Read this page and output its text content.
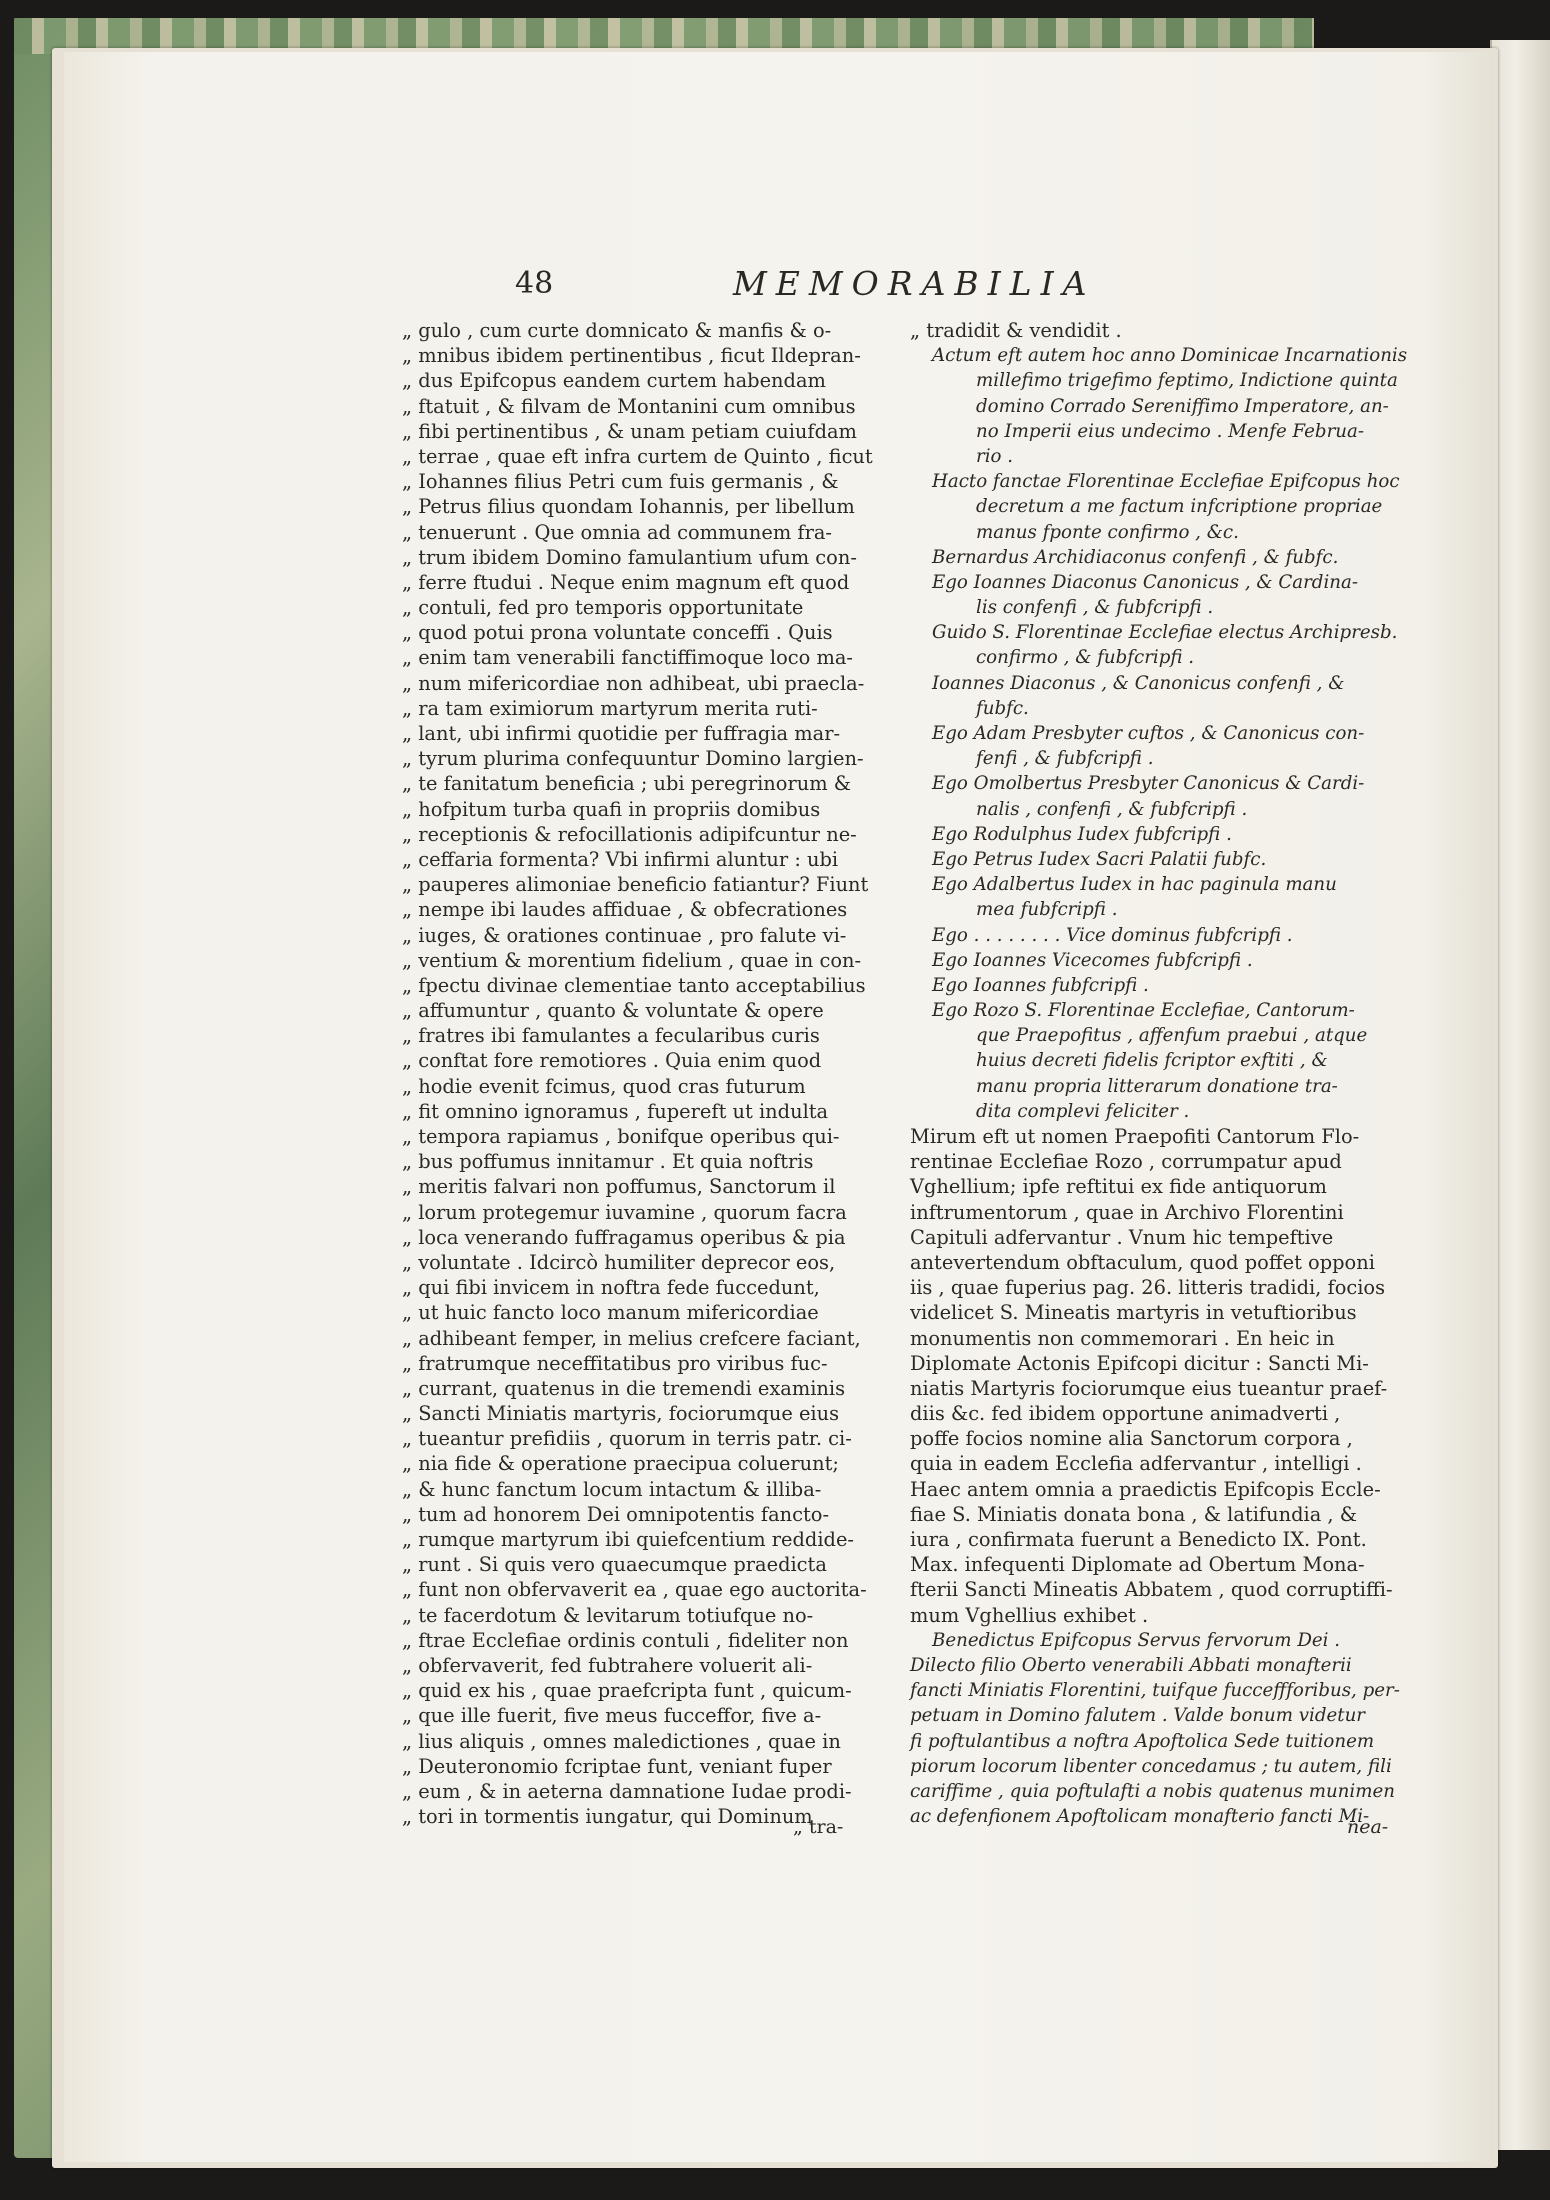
48	MEMORABILIA
„ gulo , cum curte domnicato & manfis & o-
„ mnibus ibidem pertinentibus , ficut Ildepran-
„ dus Epifcopus eandem curtem habendam
„ ftatuit , & filvam de Montanini cum omnibus
„ fibi pertinentibus , & unam petiam cuiufdam
„ terrae , quae eft infra curtem de Quinto , ficut
„ Iohannes filius Petri cum fuis germanis , &
„ Petrus filius quondam Iohannis, per libellum
„ tenuerunt . Que omnia ad communem fra-
„ trum ibidem Domino famulantium ufum con-
„ ferre ftudui . Neque enim magnum eft quod
„ contuli, fed pro temporis opportunitate
„ quod potui prona voluntate conceffi . Quis
„ enim tam venerabili fanctiffimoque loco ma-
„ num mifericordiae non adhibeat, ubi praecla-
„ ra tam eximiorum martyrum merita ruti-
„ lant, ubi infirmi quotidie per fuffragia mar-
„ tyrum plurima confequuntur Domino largien-
„ te fanitatum beneficia ; ubi peregrinorum &
„ hofpitum turba quafi in propriis domibus
„ receptionis & refocillationis adipifcuntur ne-
„ ceffaria formenta? Vbi infirmi aluntur : ubi
„ pauperes alimoniae beneficio fatiantur? Fiunt
„ nempe ibi laudes affiduae , & obfecrationes
„ iuges, & orationes continuae , pro falute vi-
„ ventium & morentium fidelium , quae in con-
„ fpectu divinae clementiae tanto acceptabilius
„ affumuntur , quanto & voluntate & opere
„ fratres ibi famulantes a fecularibus curis
„ conftat fore remotiores . Quia enim quod
„ hodie evenit fcimus, quod cras futurum
„ fit omnino ignoramus , fupereft ut indulta
„ tempora rapiamus , bonifque operibus qui-
„ bus poffumus innitamur . Et quia noftris
„ meritis falvari non poffumus, Sanctorum il
„ lorum protegemur iuvamine , quorum facra
„ loca venerando fuffragamus operibus & pia
„ voluntate . Idcircò humiliter deprecor eos,
„ qui fibi invicem in noftra fede fuccedunt,
„ ut huic fancto loco manum mifericordiae
„ adhibeant femper, in melius crefcere faciant,
„ fratrumque neceffitatibus pro viribus fuc-
„ currant, quatenus in die tremendi examinis
„ Sancti Miniatis martyris, fociorumque eius
„ tueantur prefidiis , quorum in terris patr. ci-
„ nia fide & operatione praecipua coluerunt;
„ & hunc fanctum locum intactum & illiba-
„ tum ad honorem Dei omnipotentis fancto-
„ rumque martyrum ibi quiefcentium reddide-
„ runt . Si quis vero quaecumque praedicta
„ funt non obfervaverit ea , quae ego auctorita-
„ te facerdotum & levitarum totiufque no-
„ ftrae Ecclefiae ordinis contuli , fideliter non
„ obfervaverit, fed fubtrahere voluerit ali-
„ quid ex his , quae praefcripta funt , quicum-
„ que ille fuerit, five meus fucceffor, five a-
„ lius aliquis , omnes maledictiones , quae in
„ Deuteronomio fcriptae funt, veniant fuper
„ eum , & in aeterna damnatione Iudae prodi-
„ tori in tormentis iungatur, qui Dominum
„ tra-
„ tradidit & vendidit .
Actum eft autem hoc anno Dominicae Incarnationis
millefimo trigefimo feptimo, Indictione quinta
domino Corrado Sereniffimo Imperatore, an-
no Imperii eius undecimo . Menfe Februa-
rio .
Hacto fanctae Florentinae Ecclefiae Epifcopus hoc
decretum a me factum infcriptione propriae
manus fponte confirmo , &c.
Bernardus Archidiaconus confenfi , & fubfc.
Ego Ioannes Diaconus Canonicus , & Cardina-
lis confenfi , & fubfcripfi .
Guido S. Florentinae Ecclefiae electus Archipresb.
confirmo , & fubfcripfi .
Ioannes Diaconus , & Canonicus confenfi , &
fubfc.
Ego Adam Presbyter cuftos , & Canonicus con-
fenfi , & fubfcripfi .
Ego Omolbertus Presbyter Canonicus & Cardi-
nalis , confenfi , & fubfcripfi .
Ego Rodulphus Iudex fubfcripfi .
Ego Petrus Iudex Sacri Palatii fubfc.
Ego Adalbertus Iudex in hac paginula manu
mea fubfcripfi .
Ego . . . . . . . . Vice dominus fubfcripfi .
Ego Ioannes Vicecomes fubfcripfi .
Ego Ioannes fubfcripfi .
Ego Rozo S. Florentinae Ecclefiae, Cantorum-
que Praepofitus , affenfum praebui , atque
huius decreti fidelis fcriptor exftiti , &
manu propria litterarum donatione tra-
dita complevi feliciter .
Mirum eft ut nomen Praepofiti Cantorum Flo-
rentinae Ecclefiae Rozo , corrumpatur apud
Vghellium; ipfe reftitui ex fide antiquorum
inftrumentorum , quae in Archivo Florentini
Capituli adfervantur . Vnum hic tempeftive
antevertendum obftaculum, quod poffet opponi
iis , quae fuperius pag. 26. litteris tradidi, focios
videlicet S. Mineatis martyris in vetuftioribus
monumentis non commemorari . En heic in
Diplomate Actonis Epifcopi dicitur : Sancti Mi-
niatis Martyris fociorumque eius tueantur praef-
diis &c. fed ibidem opportune animadverti ,
poffe focios nomine alia Sanctorum corpora ,
quia in eadem Ecclefia adfervantur , intelligi .
Haec antem omnia a praedictis Epifcopis Eccle-
fiae S. Miniatis donata bona , & latifundia , &
iura , confirmata fuerunt a Benedicto IX. Pont.
Max. infequenti Diplomate ad Obertum Mona-
fterii Sancti Mineatis Abbatem , quod corruptiffi-
mum Vghellius exhibet .
Benedictus Epifcopus Servus fervorum Dei .
Dilecto filio Oberto venerabili Abbati monafterii
fancti Miniatis Florentini, tuifque fucceffforibus, per-
petuam in Domino falutem . Valde bonum videtur
fi poftulantibus a noftra Apoftolica Sede tuitionem
piorum locorum libenter concedamus ; tu autem, fili
cariffime , quia poftulafti a nobis quatenus munimen
ac defenfionem Apoftolicam monafterio fancti Mi-
nea-
